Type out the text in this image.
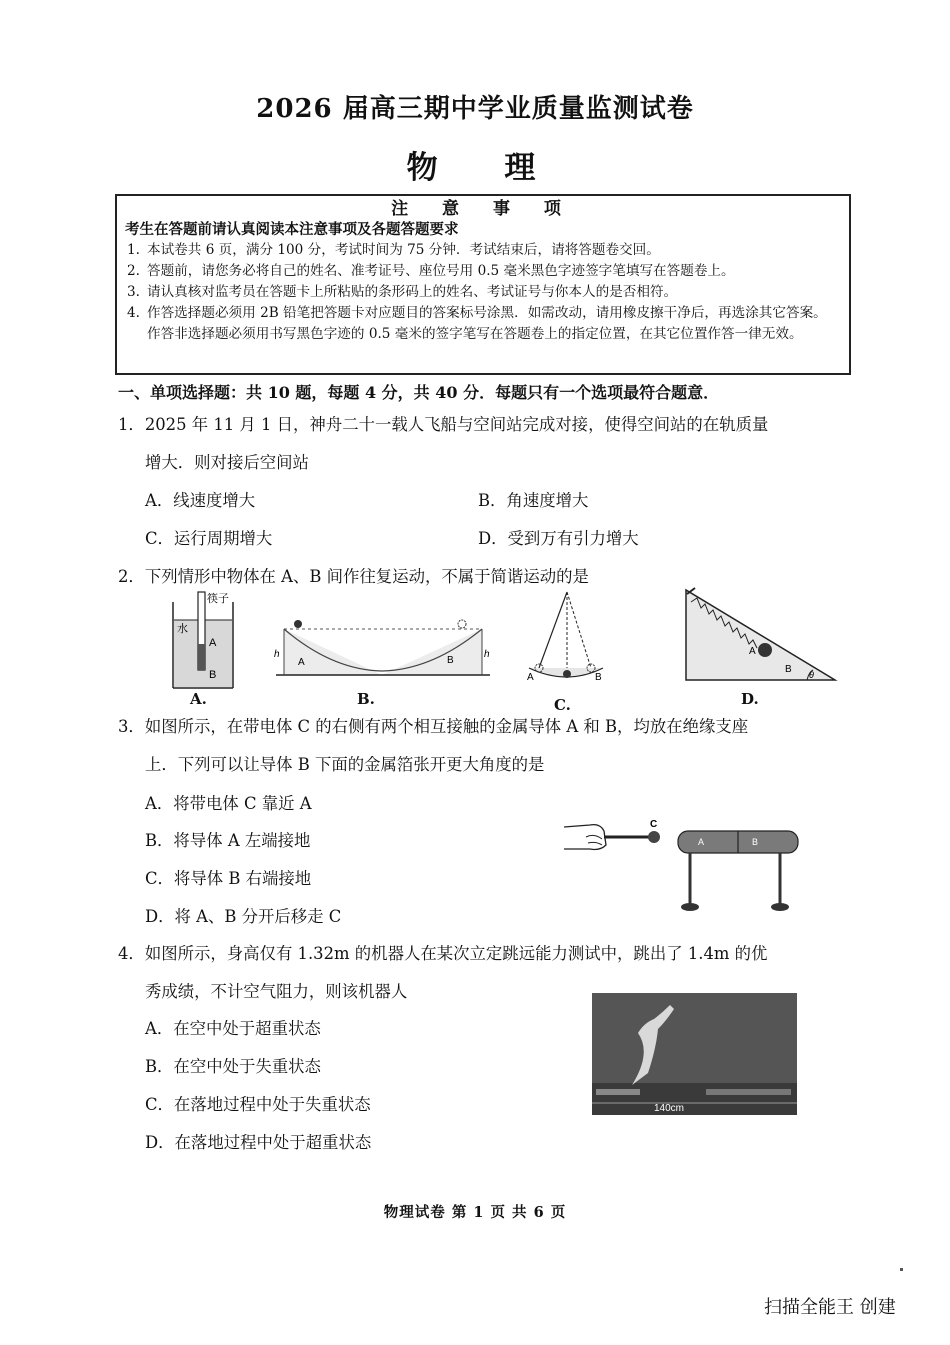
2026 届高三期中学业质量监测试卷
物 理
注 意 事 项
考生在答题前请认真阅读本注意事项及各题答题要求
1. 本试卷共 6 页，满分 100 分，考试时间为 75 分钟．考试结束后，请将答题卷交回。
2. 答题前，请您务必将自己的姓名、准考证号、座位号用 0.5 毫米黑色字迹签字笔填写在答题卷上。
3. 请认真核对监考员在答题卡上所粘贴的条形码上的姓名、考试证号与你本人的是否相符。
4. 作答选择题必须用 2B 铅笔把答题卡对应题目的答案标号涂黑．如需改动，请用橡皮擦干净后，再选涂其它答案。作答非选择题必须用书写黑色字迹的 0.5 毫米的签字笔写在答题卷上的指定位置，在其它位置作答一律无效。
一、单项选择题：共 10 题，每题 4 分，共 40 分．每题只有一个选项最符合题意．
1．2025 年 11 月 1 日，神舟二十一载人飞船与空间站完成对接，使得空间站的在轨质量
增大．则对接后空间站
A．线速度增大	B．角速度增大
C．运行周期增大	D．受到万有引力增大
2．下列情形中物体在 A、B 间作往复运动，不属于简谐运动的是
筷子
水
A
B
A.
h	h
A	B
B.
A	B
C.
A
B θ
D.
3．如图所示，在带电体 C 的右侧有两个相互接触的金属导体 A 和 B，均放在绝缘支座
上．下列可以让导体 B 下面的金属箔张开更大角度的是
A．将带电体 C 靠近 A
B．将导体 A 左端接地
C．将导体 B 右端接地
D．将 A、B 分开后移走 C
C
A	B
4．如图所示，身高仅有 1.32m 的机器人在某次立定跳远能力测试中，跳出了 1.4m 的优
秀成绩，不计空气阻力，则该机器人
A．在空中处于超重状态
B．在空中处于失重状态
C．在落地过程中处于失重状态
D．在落地过程中处于超重状态
140cm
物理试卷 第 1 页 共 6 页
扫描全能王 创建
